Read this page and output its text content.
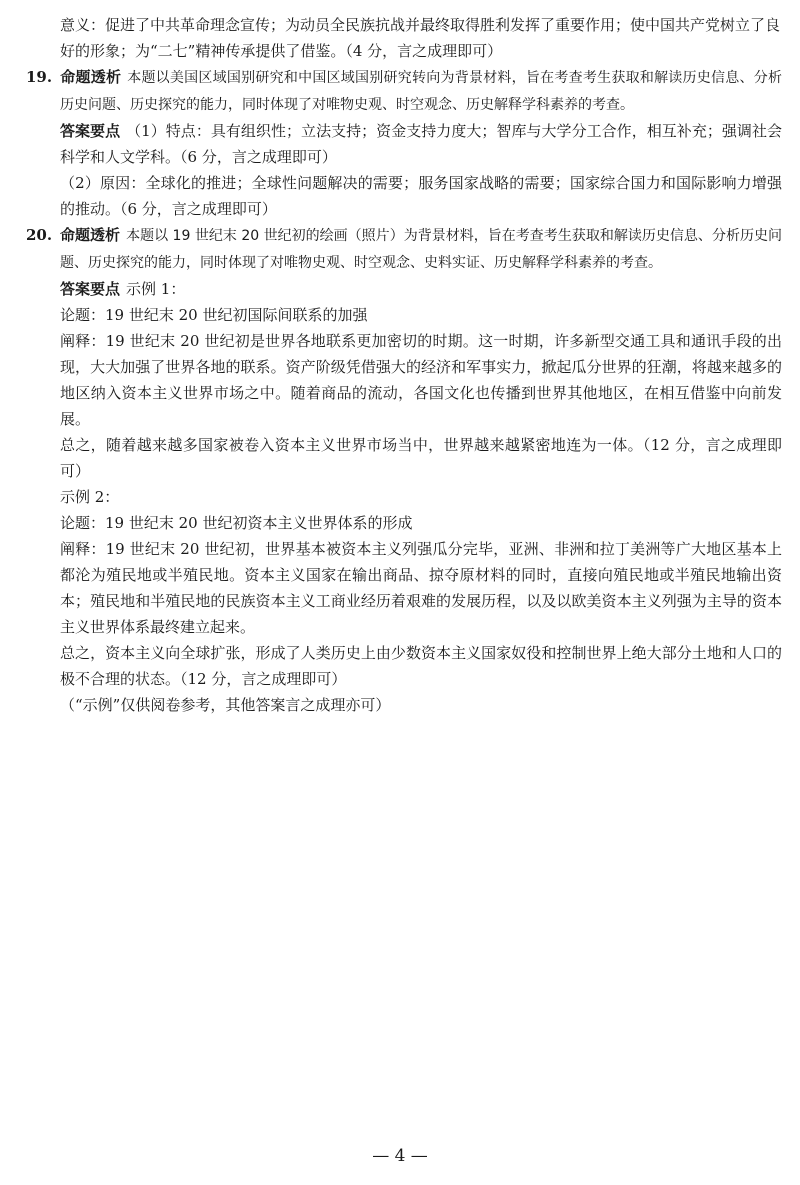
意义：促进了中共革命理念宣传；为动员全民族抗战并最终取得胜利发挥了重要作用；使中国共产党树立了良

好的形象；为“二七”精神传承提供了借鉴。（4 分，言之成理即可）

19. 命题透析 本题以美国区域国别研究和中国区域国别研究转向为背景材料，旨在考查考生获取和解读历史信息、分析历史问题、历史探究的能力，同时体现了对唯物史观、时空观念、历史解释学科素养的考查。

答案要点 （1）特点：具有组织性；立法支持；资金支持力度大；智库与大学分工合作，相互补充；强调社会科学和人文学科。（6 分，言之成理即可）

（2）原因：全球化的推进；全球性问题解决的需要；服务国家战略的需要；国家综合国力和国际影响力增强的推动。（6 分，言之成理即可）

20. 命题透析 本题以 19 世纪末 20 世纪初的绘画（照片）为背景材料，旨在考查考生获取和解读历史信息、分析历史问题、历史探究的能力，同时体现了对唯物史观、时空观念、史料实证、历史解释学科素养的考查。

答案要点 示例 1：

论题：19 世纪末 20 世纪初国际间联系的加强

阐释：19 世纪末 20 世纪初是世界各地联系更加密切的时期。这一时期，许多新型交通工具和通讯手段的出现，大大加强了世界各地的联系。资产阶级凭借强大的经济和军事实力，掀起瓜分世界的狂潮，将越来越多的地区纳入资本主义世界市场之中。随着商品的流动，各国文化也传播到世界其他地区，在相互借鉴中向前发展。

总之，随着越来越多国家被卷入资本主义世界市场当中，世界越来越紧密地连为一体。（12 分，言之成理即可）

示例 2：

论题：19 世纪末 20 世纪初资本主义世界体系的形成

阐释：19 世纪末 20 世纪初，世界基本被资本主义列强瓜分完毕，亚洲、非洲和拉丁美洲等广大地区基本上都沦为殖民地或半殖民地。资本主义国家在输出商品、掠夺原材料的同时，直接向殖民地或半殖民地输出资本；殖民地和半殖民地的民族资本主义工商业经历着艰难的发展历程，以及以欧美资本主义列强为主导的资本主义世界体系最终建立起来。

总之，资本主义向全球扩张，形成了人类历史上由少数资本主义国家奴役和控制世界上绝大部分土地和人口的极不合理的状态。（12 分，言之成理即可）

（“示例”仅供阅卷参考，其他答案言之成理亦可）

— 4 —
